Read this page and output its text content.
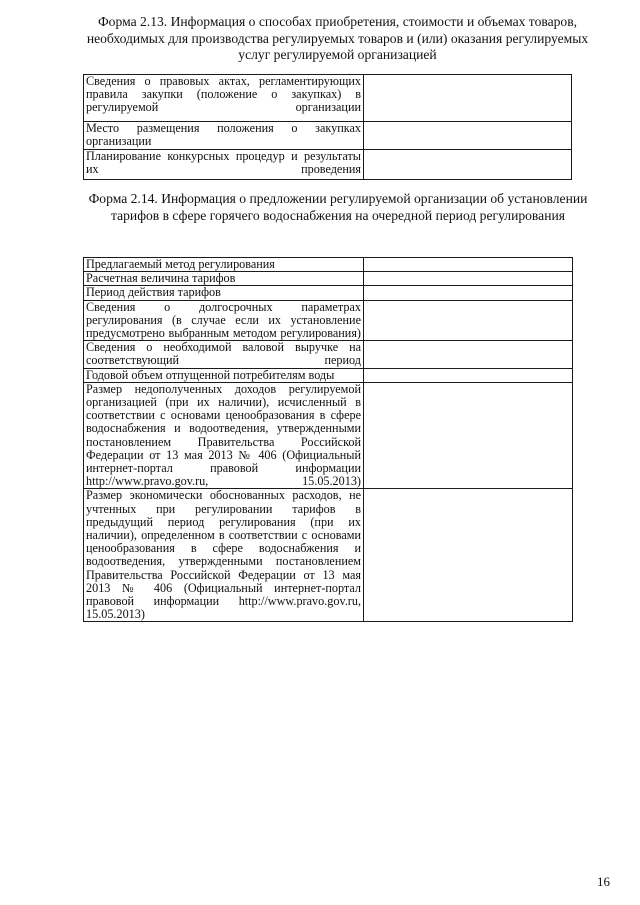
Форма 2.13. Информация о способах приобретения, стоимости и объемах товаров, необходимых для производства регулируемых товаров и (или) оказания регулируемых услуг регулируемой организацией
Сведения о правовых актах, регламентирующих правила закупки (положение о закупках) в регулируемой организации	
Место размещения положения о закупках организации	
Планирование конкурсных процедур и результаты их проведения	
Форма 2.14. Информация о предложении регулируемой организации об установлении тарифов в сфере горячего водоснабжения на очередной период регулирования
Предлагаемый метод регулирования	
Расчетная величина тарифов	
Период действия тарифов	
Сведения о долгосрочных параметрах регулирования (в случае если их установление предусмотрено выбранным методом регулирования)	
Сведения о необходимой валовой выручке на соответствующий период	
Годовой объем отпущенной потребителям воды	
Размер недополученных доходов регулируемой организацией (при их наличии), исчисленный в соответствии с основами ценообразования в сфере водоснабжения и водоотведения, утвержденными постановлением Правительства Российской Федерации от 13 мая 2013 № 406 (Официальный интернет-портал правовой информации http://www.pravo.gov.ru, 15.05.2013)	
Размер экономически обоснованных расходов, не учтенных при регулировании тарифов в предыдущий период регулирования (при их наличии), определенном в соответствии с основами ценообразования в сфере водоснабжения и водоотведения, утвержденными постановлением Правительства Российской Федерации от 13 мая 2013 № 406 (Официальный интернет-портал правовой информации http://www.pravo.gov.ru, 15.05.2013)	
16
